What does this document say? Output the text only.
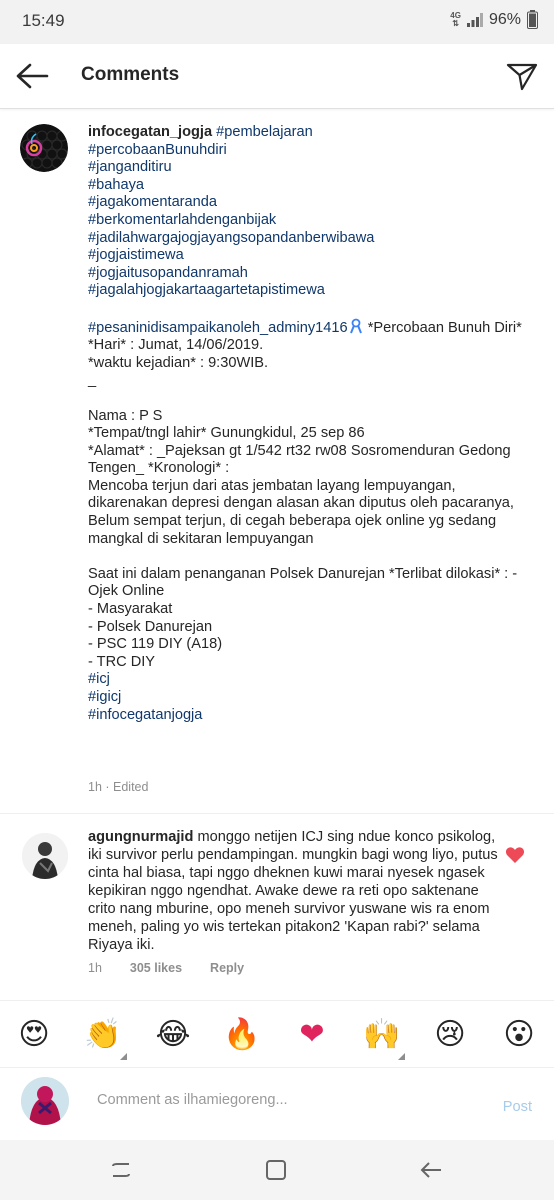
15:49	4G
⇅ 96%
Comments
infocegatan_jogja #pembelajaran
#percobaanBunuhdiri
#janganditiru
#bahaya
#jagakomentaranda
#berkomentarlahdenganbijak
#jadilahwargajogjayangsopandanberwibawa
#jogjaistimewa
#jogjaitusopandanramah
#jagalahjogjakartaagartetapistimewa

#pesaninidisampaikanoleh_adminy1416 *Percobaan Bunuh Diri*
*Hari* : Jumat, 14/06/2019.
*waktu kejadian* : 9:30WIB.
_

Nama : P S
*Tempat/tngl lahir* Gunungkidul, 25 sep 86
*Alamat* : _Pajeksan gt 1/542 rt32 rw08 Sosromenduran Gedong Tengen_ *Kronologi* :
Mencoba terjun dari atas jembatan layang lempuyangan, dikarenakan depresi dengan alasan akan diputus oleh pacaranya,
Belum sempat terjun, di cegah beberapa ojek online yg sedang mangkal di sekitaran lempuyangan

Saat ini dalam penanganan Polsek Danurejan *Terlibat dilokasi* : - Ojek Online
- Masyarakat
- Polsek Danurejan
- PSC 119 DIY (A18)
- TRC DIY
#icj
#igicj
#infocegatanjogja
1h · Edited
agungnurmajid monggo netijen ICJ sing ndue konco psikolog, iki survivor perlu pendampingan. mungkin bagi wong liyo, putus cinta hal biasa, tapi nggo dheknen kuwi marai nyesek ngasek kepikiran nggo ngendhat. Awake dewe ra reti opo saktenane crito nang mburine, opo meneh survivor yuswane wis ra enom meneh, paling yo wis tertekan pitakon2 'Kapan rabi?' selama Riyaya iki.
1h 305 likes Reply
😍 👏 😂 🔥 ❤ 🙌 😢 😮
Comment as ilhamiegoreng...	Post
